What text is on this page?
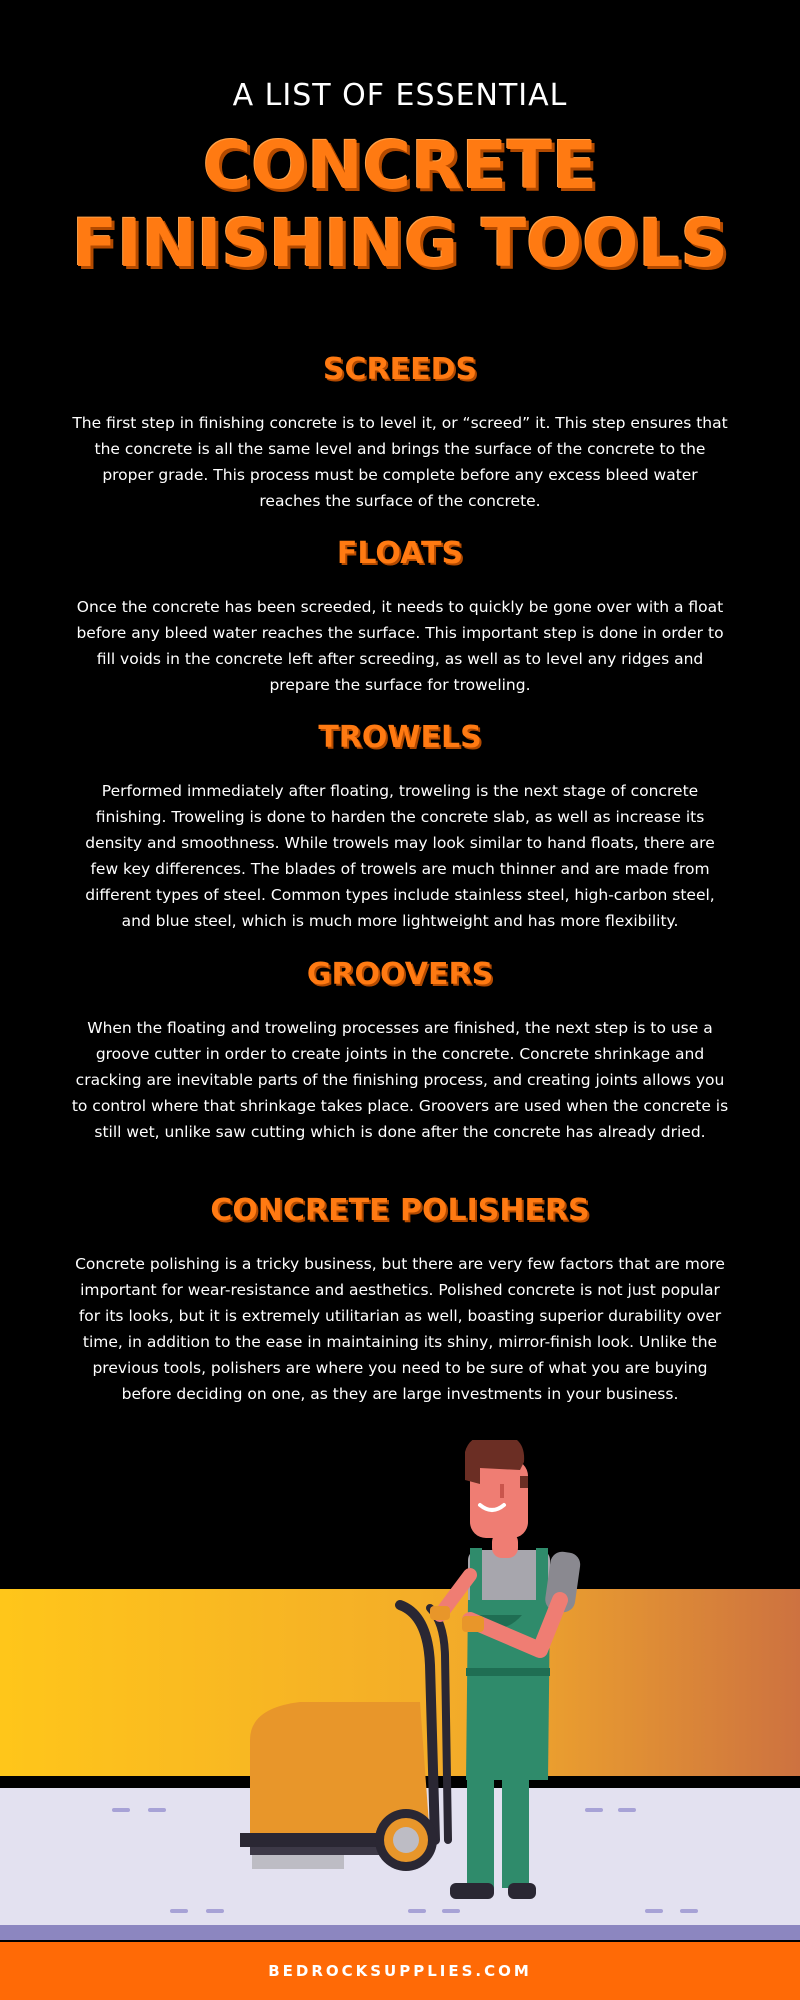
A LIST OF ESSENTIAL
CONCRETE
FINISHING TOOLS
SCREEDS

The first step in finishing concrete is to level it, or “screed” it. This step ensures that the concrete is all the same level and brings the surface of the concrete to the proper grade. This process must be complete before any excess bleed water reaches the surface of the concrete.

FLOATS

Once the concrete has been screeded, it needs to quickly be gone over with a float before any bleed water reaches the surface. This important step is done in order to fill voids in the concrete left after screeding, as well as to level any ridges and prepare the surface for troweling.

TROWELS

Performed immediately after floating, troweling is the next stage of concrete finishing. Troweling is done to harden the concrete slab, as well as increase its density and smoothness. While trowels may look similar to hand floats, there are few key differences. The blades of trowels are much thinner and are made from different types of steel. Common types include stainless steel, high-carbon steel, and blue steel, which is much more lightweight and has more flexibility.

GROOVERS

When the floating and troweling processes are finished, the next step is to use a groove cutter in order to create joints in the concrete. Concrete shrinkage and cracking are inevitable parts of the finishing process, and creating joints allows you to control where that shrinkage takes place. Groovers are used when the concrete is still wet, unlike saw cutting which is done after the concrete has already dried.

CONCRETE POLISHERS

Concrete polishing is a tricky business, but there are very few factors that are more important for wear-resistance and aesthetics. Polished concrete is not just popular for its looks, but it is extremely utilitarian as well, boasting superior durability over time, in addition to the ease in maintaining its shiny, mirror-finish look. Unlike the previous tools, polishers are where you need to be sure of what you are buying before deciding on one, as they are large investments in your business.

BEDROCKSUPPLIES.COM
